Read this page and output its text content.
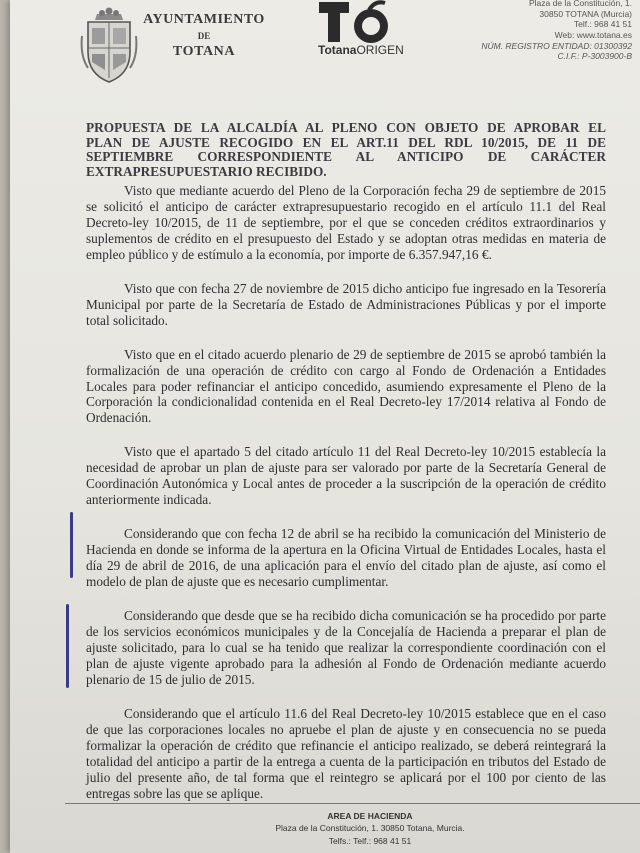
AYUNTAMIENTO
DE
TOTANA	TotanaORIGEN
Plaza de la Constitución, 1.
30850 TOTANA (Murcia)
Telf.: 968 41 51
Web: www.totana.es
NÚM. REGISTRO ENTIDAD: 01300392
C.I.F.: P-3003900-B
PROPUESTA DE LA ALCALDÍA AL PLENO CON OBJETO DE APROBAR EL
PLAN DE AJUSTE RECOGIDO EN EL ART.11 DEL RDL 10/2015, DE 11 DE
SEPTIEMBRE CORRESPONDIENTE AL ANTICIPO DE CARÁCTER
EXTRAPRESUPUESTARIO RECIBIDO.

Visto que mediante acuerdo del Pleno de la Corporación fecha 29 de septiembre de 2015 se solicitó el anticipo de carácter extrapresupuestario recogido en el artículo 11.1 del Real Decreto-ley 10/2015, de 11 de septiembre, por el que se conceden créditos extraordinarios y suplementos de crédito en el presupuesto del Estado y se adoptan otras medidas en materia de empleo público y de estímulo a la economía, por importe de 6.357.947,16 €.

Visto que con fecha 27 de noviembre de 2015 dicho anticipo fue ingresado en la Tesorería Municipal por parte de la Secretaría de Estado de Administraciones Públicas y por el importe total solicitado.

Visto que en el citado acuerdo plenario de 29 de septiembre de 2015 se aprobó también la formalización de una operación de crédito con cargo al Fondo de Ordenación a Entidades Locales para poder refinanciar el anticipo concedido, asumiendo expresamente el Pleno de la Corporación la condicionalidad contenida en el Real Decreto-ley 17/2014 relativa al Fondo de Ordenación.

Visto que el apartado 5 del citado artículo 11 del Real Decreto-ley 10/2015 establecía la necesidad de aprobar un plan de ajuste para ser valorado por parte de la Secretaría General de Coordinación Autonómica y Local antes de proceder a la suscripción de la operación de crédito anteriormente indicada.

Considerando que con fecha 12 de abril se ha recibido la comunicación del Ministerio de Hacienda en donde se informa de la apertura en la Oficina Virtual de Entidades Locales, hasta el día 29 de abril de 2016, de una aplicación para el envío del citado plan de ajuste, así como el modelo de plan de ajuste que es necesario cumplimentar.

Considerando que desde que se ha recibido dicha comunicación se ha procedido por parte de los servicios económicos municipales y de la Concejalía de Hacienda a preparar el plan de ajuste solicitado, para lo cual se ha tenido que realizar la correspondiente coordinación con el plan de ajuste vigente aprobado para la adhesión al Fondo de Ordenación mediante acuerdo plenario de 15 de julio de 2015.

Considerando que el artículo 11.6 del Real Decreto-ley 10/2015 establece que en el caso de que las corporaciones locales no apruebe el plan de ajuste y en consecuencia no se pueda formalizar la operación de crédito que refinancie el anticipo realizado, se deberá reintegrará la totalidad del anticipo a partir de la entrega a cuenta de la participación en tributos del Estado de julio del presente año, de tal forma que el reintegro se aplicará por el 100 por ciento de las entregas sobre las que se aplique.

AREA DE HACIENDA
Plaza de la Constitución, 1. 30850 Totana, Murcia.
Telfs.: Telf.: 968 41 51
